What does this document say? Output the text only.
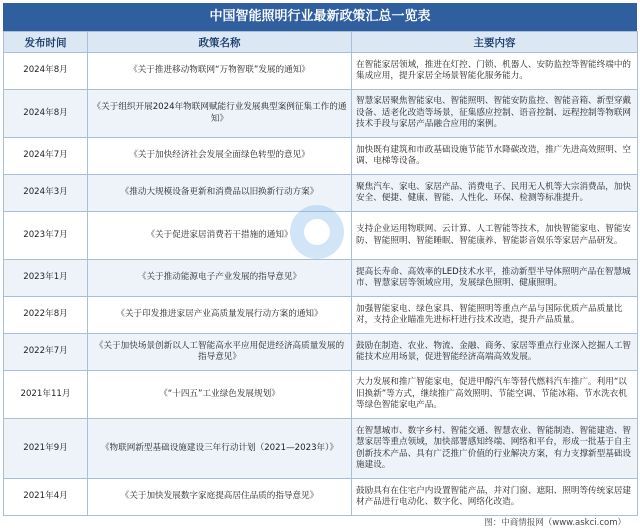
中国智能照明行业最新政策汇总一览表
发布时间	政策名称	主要内容
2024年8月	《关于推进移动物联网“万物智联”发展的通知》	在智能家居领域，推进在灯控、门锁、机器人、安防监控等智能终端中的集成应用，提升家居全场景智能化服务能力。
2024年8月	《关于组织开展2024年物联网赋能行业发展典型案例征集工作的通知》	智慧家居聚焦智能家电、智能照明、智能安防监控、智能音箱、新型穿戴设备、适老化改造等场景，征集感应控制、语音控制、远程控制等物联网技术手段与家居产品融合应用的案例。
2024年7月	《关于加快经济社会发展全面绿色转型的意见》	加快既有建筑和市政基础设施节能节水降碳改造，推广先进高效照明、空调、电梯等设备。
2024年3月	《推动大规模设备更新和消费品以旧换新行动方案》	聚焦汽车、家电、家居产品、消费电子、民用无人机等大宗消费品，加快安全、便捷、健康、智能、人性化、环保、检测等标准提升。
2023年7月	《关于促进家居消费若干措施的通知》	支持企业运用物联网、云计算、人工智能等技术，加快智能家电、智能安防、智能照明、智能睡眠、智能康养、智能影音娱乐等家居产品研发。
2023年1月	《关于推动能源电子产业发展的指导意见》	提高长寿命、高效率的LED技术水平，推动新型半导体照明产品在智慧城市、智慧家居等领域应用，发展绿色照明、健康照明。
2022年8月	《关于印发推进家居产业高质量发展行动方案的通知》	加强智能家电、绿色家具、智能照明等重点产品与国际优质产品质量比对，支持企业瞄准先进标杆进行技术改造，提升产品质量。
2022年7月	《关于加快场景创新以人工智能高水平应用促进经济高质量发展的指导意见》	鼓励在制造、农业、物流、金融、商务、家居等重点行业深入挖掘人工智能技术应用场景，促进智能经济高端高效发展。
2021年11月	《“十四五”工业绿色发展规划》	大力发展和推广智能家电，促进甲醇汽车等替代燃料汽车推广。利用“以旧换新”等方式，继续推广高效照明、节能空调、节能冰箱、节水洗衣机等绿色智能家电产品。
2021年9月	《物联网新型基础设施建设三年行动计划（2021—2023年）》	在智慧城市、数字乡村、智能交通、智慧农业、智能制造、智能建造、智慧家居等重点领域，加快部署感知终端、网络和平台，形成一批基于自主创新技术产品、具有广泛推广价值的行业解决方案，有力支撑新型基础设施建设。
2021年4月	《关于加快发展数字家庭提高居住品质的指导意见》	鼓励具有在住宅户内设置智能产品，并对门窗、遮阳、照明等传统家居建材产品进行电动化、数字化、网络化改造。
图：中商情报网（www.askci.com）
